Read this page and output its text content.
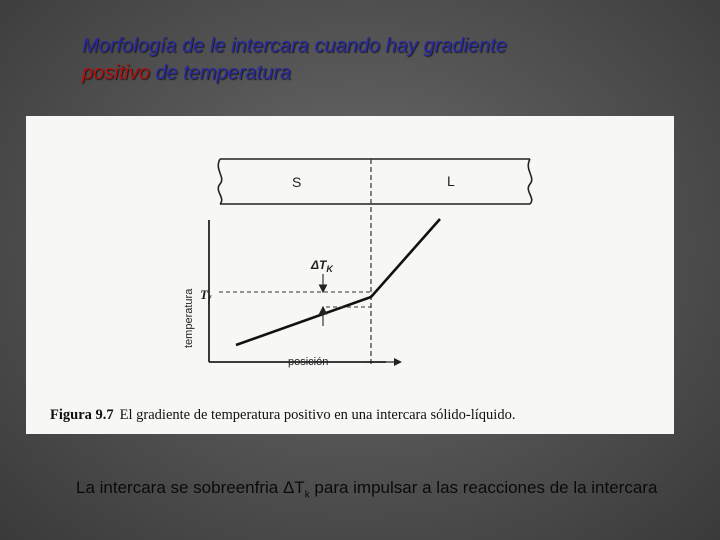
Morfología de le intercara cuando hay gradiente
positivo de temperatura
S	L
temperatura
posición
$\Delta T_K$
$T_f$
Figura 9.7 El gradiente de temperatura positivo en una intercara sólido-líquido.

La intercara se sobreenfria $\Delta T_k$ para impulsar a las reacciones de la intercara
